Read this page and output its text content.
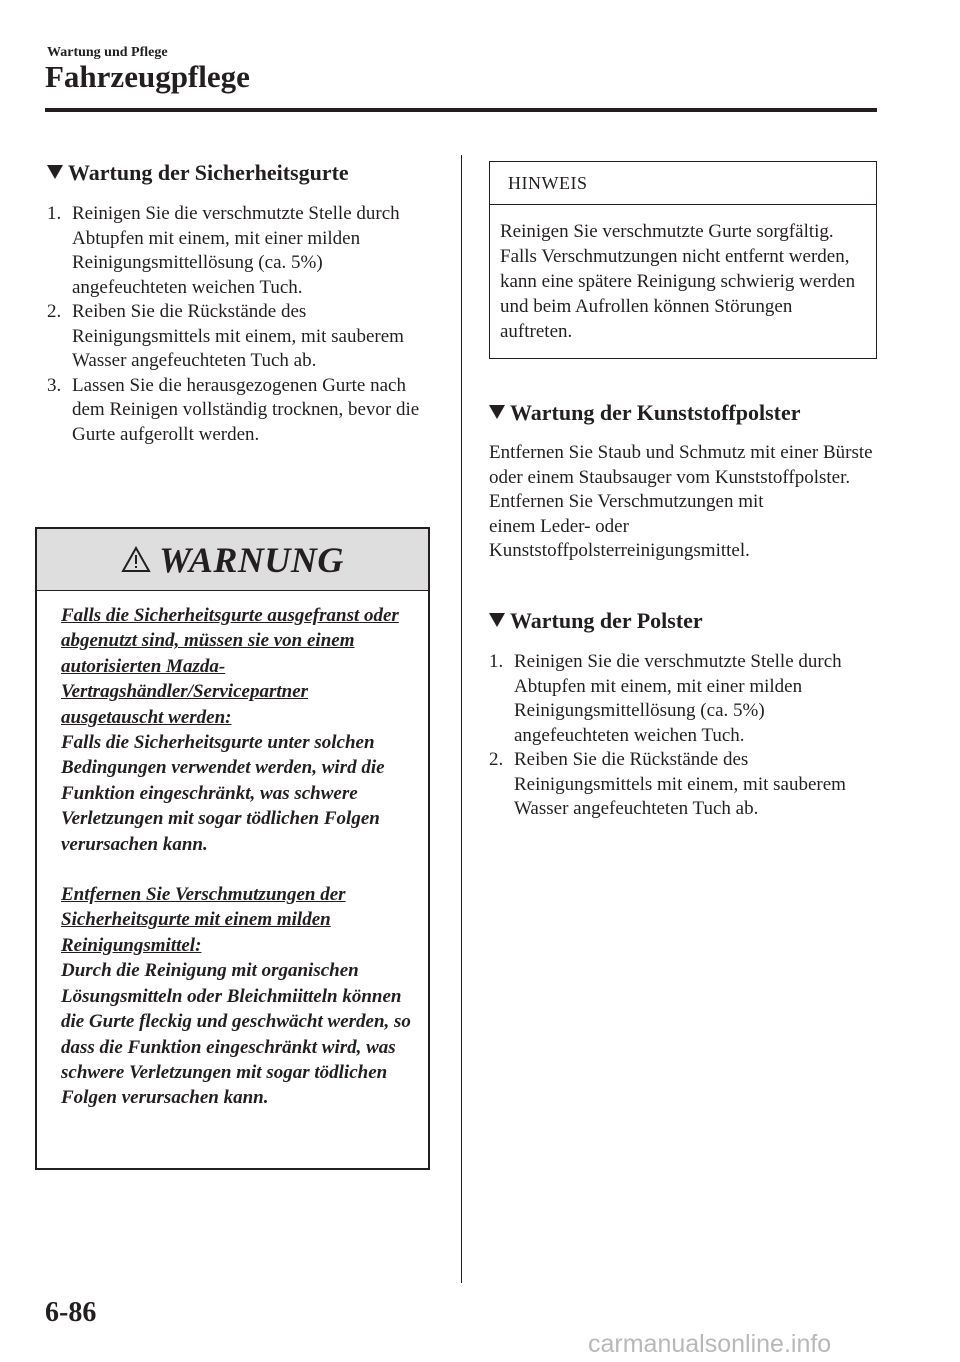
Wartung und Pflege
Fahrzeugpflege
Wartung der Sicherheitsgurte
1. Reinigen Sie die verschmutzte Stelle durch Abtupfen mit einem, mit einer milden Reinigungsmittellösung (ca. 5%) angefeuchteten weichen Tuch.
2. Reiben Sie die Rückstände des Reinigungsmittels mit einem, mit sauberem Wasser angefeuchteten Tuch ab.
3. Lassen Sie die herausgezogenen Gurte nach dem Reinigen vollständig trocknen, bevor die Gurte aufgerollt werden.
WARNUNG

Falls die Sicherheitsgurte ausgefranst oder abgenutzt sind, müssen sie von einem autorisierten Mazda-Vertragshändler/Servicepartner ausgetauscht werden:

Falls die Sicherheitsgurte unter solchen Bedingungen verwendet werden, wird die Funktion eingeschränkt, was schwere Verletzungen mit sogar tödlichen Folgen verursachen kann.

Entfernen Sie Verschmutzungen der Sicherheitsgurte mit einem milden Reinigungsmittel:

Durch die Reinigung mit organischen Lösungsmitteln oder Bleichmiitteln können die Gurte fleckig und geschwächt werden, so dass die Funktion eingeschränkt wird, was schwere Verletzungen mit sogar tödlichen Folgen verursachen kann.

HINWEIS
Reinigen Sie verschmutzte Gurte sorgfältig. Falls Verschmutzungen nicht entfernt werden, kann eine spätere Reinigung schwierig werden und beim Aufrollen können Störungen auftreten.
Wartung der Kunststoffpolster

Entfernen Sie Staub und Schmutz mit einer Bürste oder einem Staubsauger vom Kunststoffpolster.

Entfernen Sie Verschmutzungen mit einem Leder- oder Kunststoffpolsterreinigungsmittel.

Wartung der Polster
1. Reinigen Sie die verschmutzte Stelle durch Abtupfen mit einem, mit einer milden Reinigungsmittellösung (ca. 5%) angefeuchteten weichen Tuch.
2. Reiben Sie die Rückstände des Reinigungsmittels mit einem, mit sauberem Wasser angefeuchteten Tuch ab.
6-86
carmanualsonline.info
